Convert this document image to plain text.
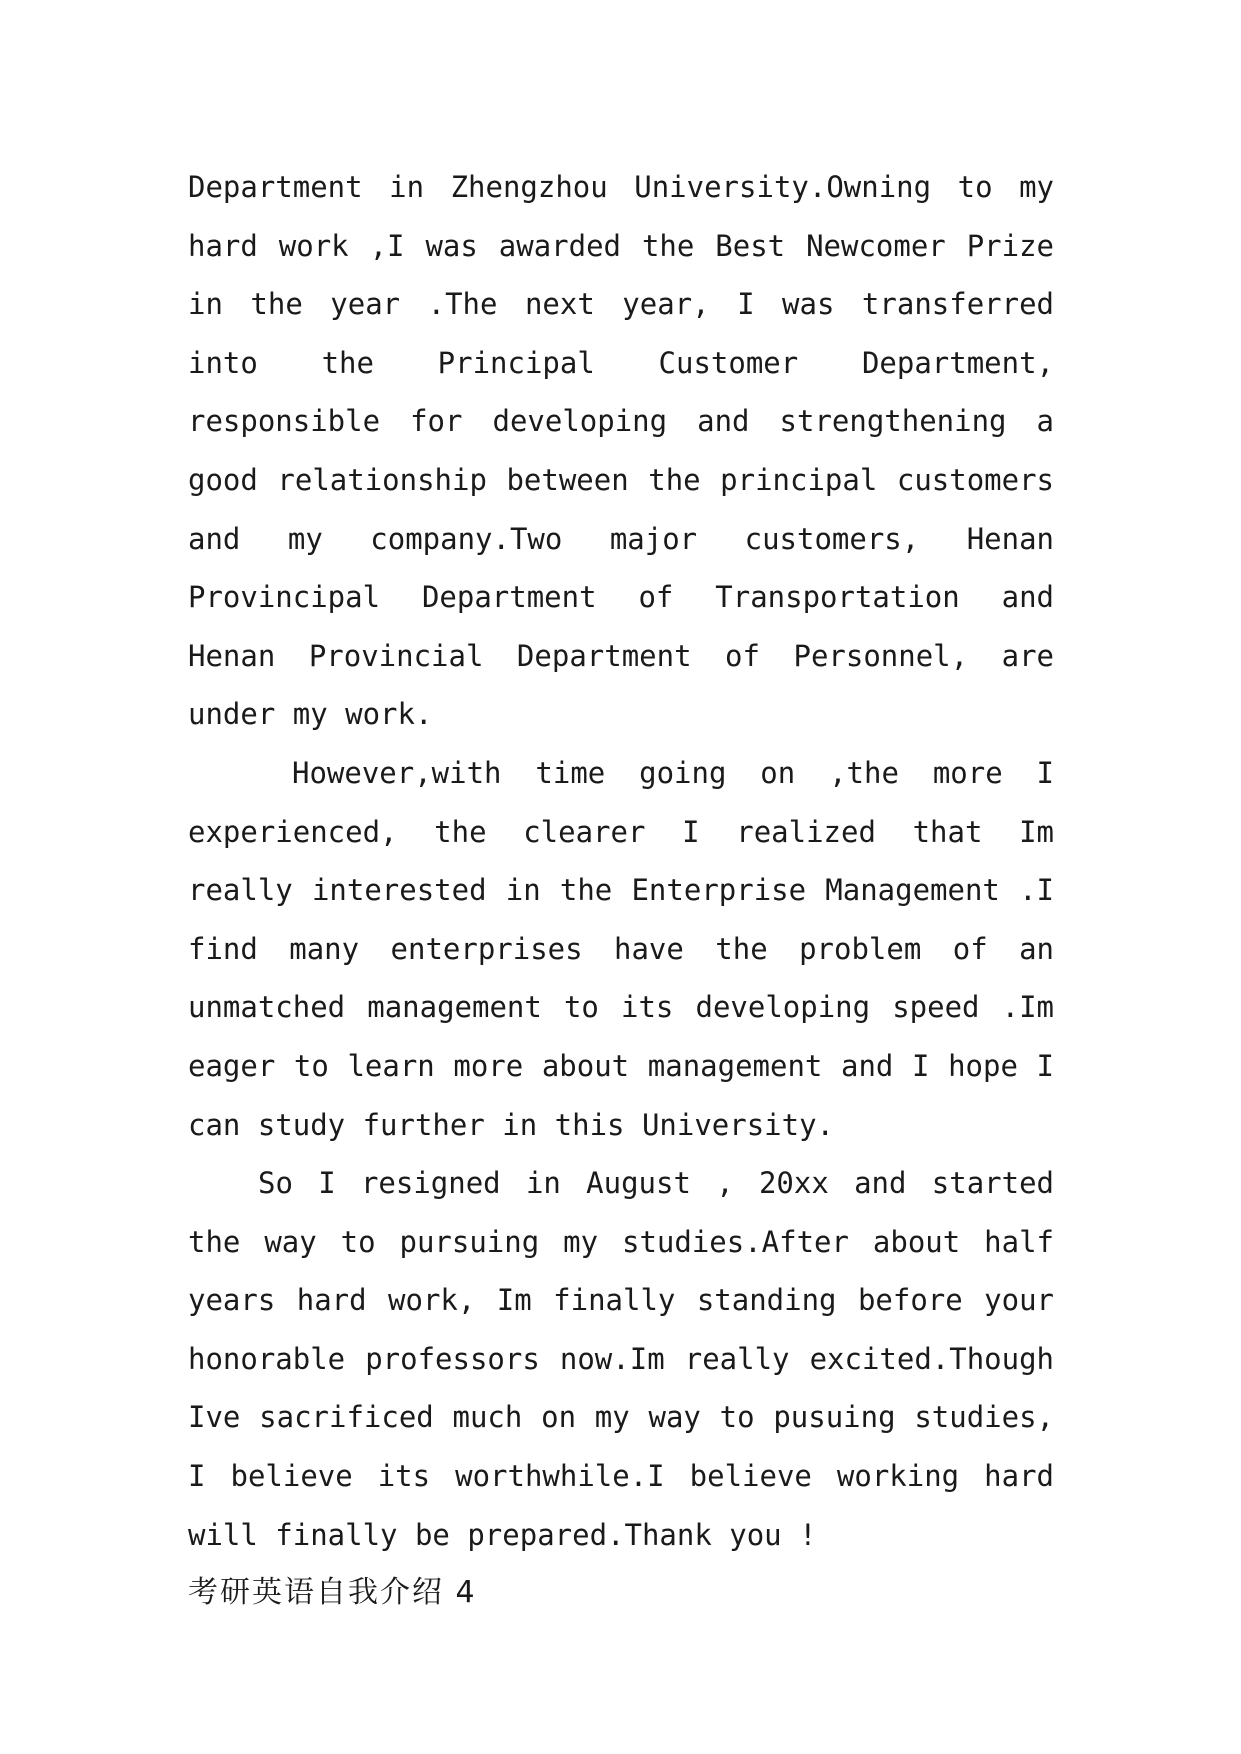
Department in Zhengzhou University.Owning to my hard work ,I was awarded the Best Newcomer Prize in the year .The next year, I was transferred into the Principal Customer Department, responsible for developing and strengthening a good relationship between the principal customers and my company.Two major customers, Henan Provincipal Department of Transportation and Henan Provincial Department of Personnel, are under my work.

However,with time going on ,the more I experienced, the clearer I realized that Im really interested in the Enterprise Management .I find many enterprises have the problem of an unmatched management to its developing speed .Im eager to learn more about management and I hope I can study further in this University.

So I resigned in August , 20xx and started the way to pursuing my studies.After about half years hard work, Im finally standing before your honorable professors now.Im really excited.Though Ive sacrificed much on my way to pusuing studies, I believe its worthwhile.I believe working hard will finally be prepared.Thank you !

考研英语自我介绍 4
